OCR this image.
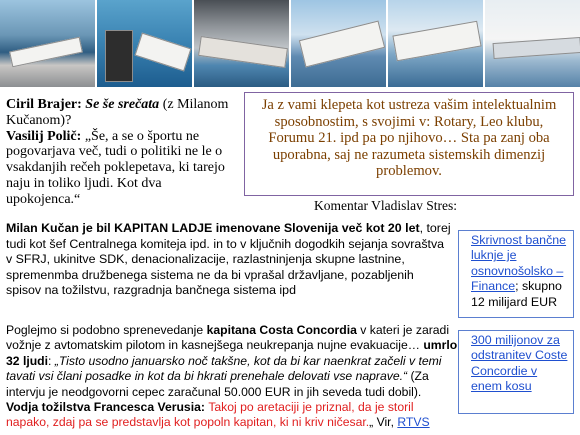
Ciril Brajer: Se še srečata (z Milanom Kučanom)?
Vasilij Polič: „Še, a se o športu ne pogovarjava več, tudi o politiki ne le o vsakdanjih rečeh poklepetava, ki tarejo naju in toliko ljudi. Kot dva upokojenca.“
Ja z vami klepeta kot ustreza vašim intelektualnim sposobnostim, s svojimi v: Rotary, Leo klubu, Forumu 21. ipd pa po njihovo… Sta pa zanj oba uporabna, saj ne razumeta sistemskih dimenzij problemov.
Komentar Vladislav Stres:
Milan Kučan je bil KAPITAN LADJE imenovane Slovenija več kot 20 let, torej tudi kot šef Centralnega komiteja ipd. in to v ključnih dogodkih sejanja sovraštva v SFRJ, ukinitve SDK, denacionalizacije, razlastninjenja skupne lastnine, spremenmba družbenega sistema ne da bi vprašal državljane, pozabljenih spisov na tožilstvu, razgradnja bančnega sistema ipd
Poglejmo si podobno sprenevedanje kapitana Costa Concordia v kateri je zaradi vožnje z avtomatskim pilotom in kasnejšega neukrepanja nujne evakuacije… umrlo 32 ljudi: „Tisto usodno januarsko noč takšne, kot da bi kar naenkrat začeli v temi tavati vsi člani posadke in kot da bi hkrati prenehale delovati vse naprave.“ (Za intervju je neodgovorni cepec zaračunal 50.000 EUR in jih seveda tudi dobil).
Vodja tožilstva Francesca Verusia: Takoj po aretaciji je priznal, da je storil napako, zdaj pa se predstavlja kot popoln kapitan, ki ni kriv ničesar.„ Vir, RTVS
Skrivnost bančne luknje je osnovnošolsko – Finance; skupno 12 milijard EUR
300 milijonov za odstranitev Coste Concordie v enem kosu
